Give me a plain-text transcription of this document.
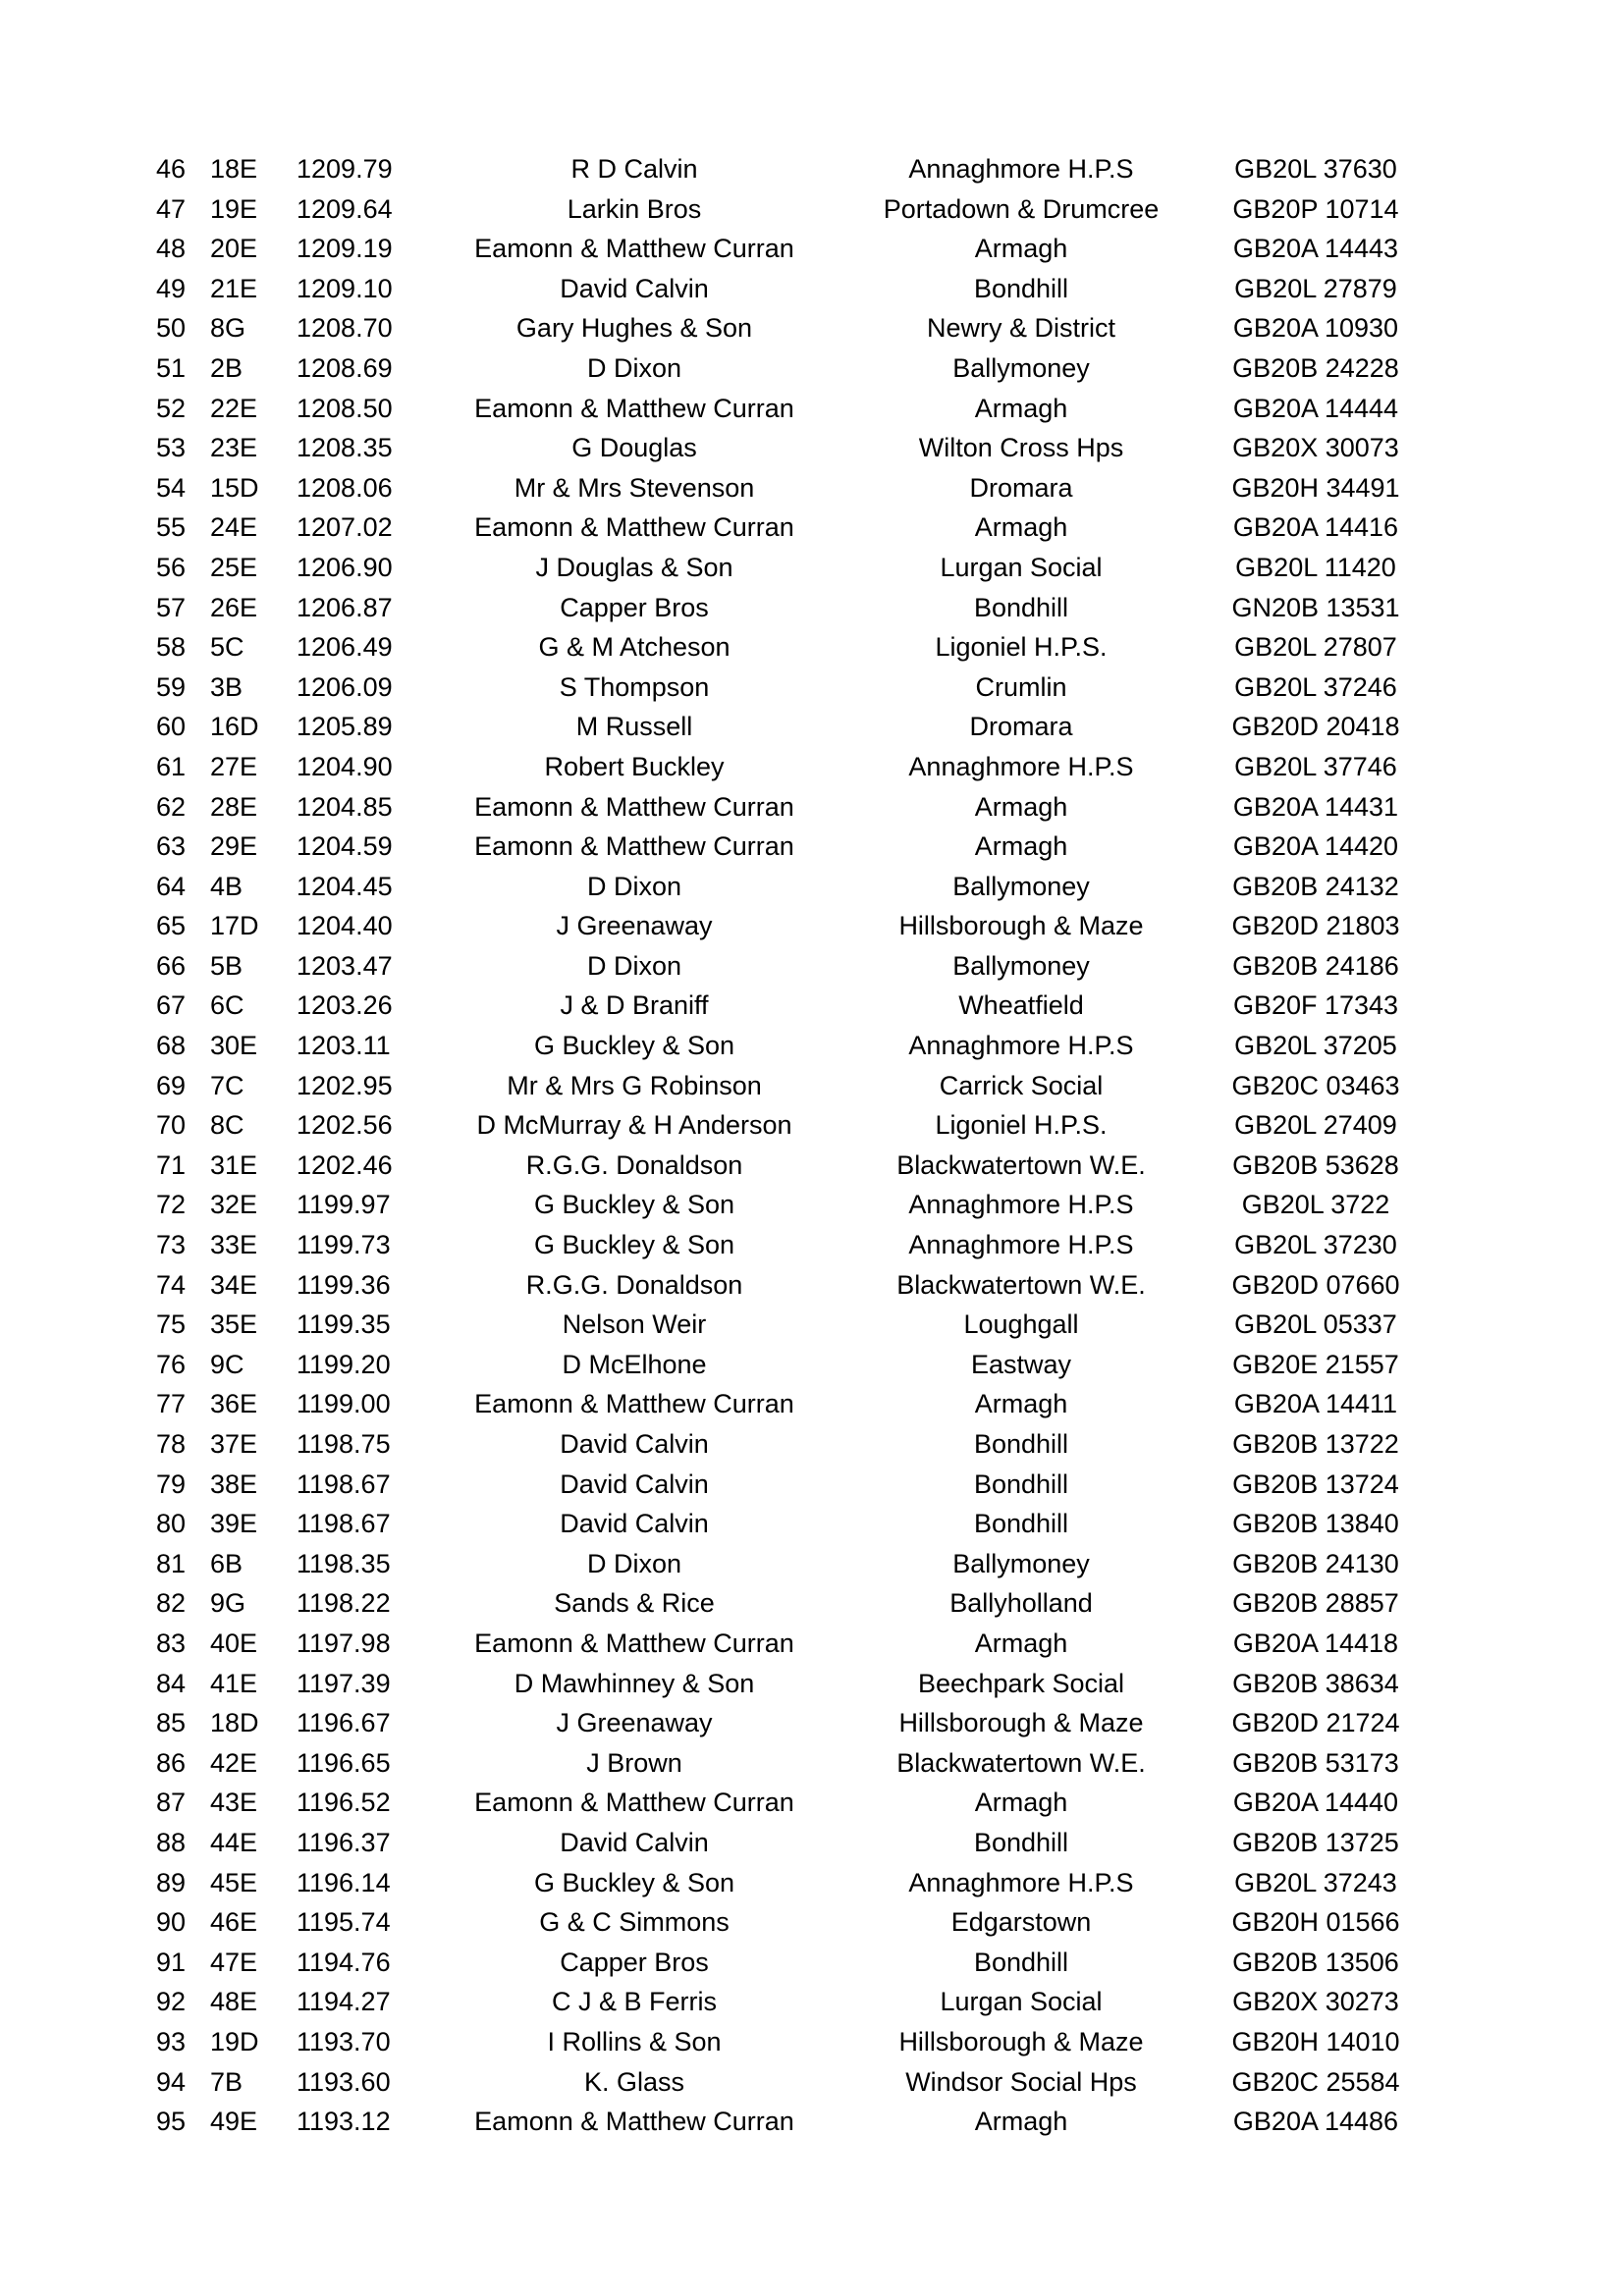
46 18E	1209.79	R D Calvin	Annaghmore H.P.S	GB20L 37630
47 19E	1209.64	Larkin Bros	Portadown & Drumcree	GB20P 10714
48 20E	1209.19	Eamonn & Matthew Curran	Armagh	GB20A 14443
49 21E	1209.10	David Calvin	Bondhill	GB20L 27879
50 8G	1208.70	Gary Hughes & Son	Newry & District	GB20A 10930
51 2B	1208.69	D Dixon	Ballymoney	GB20B 24228
52 22E	1208.50	Eamonn & Matthew Curran	Armagh	GB20A 14444
53 23E	1208.35	G Douglas	Wilton Cross Hps	GB20X 30073
54 15D	1208.06	Mr & Mrs Stevenson	Dromara	GB20H 34491
55 24E	1207.02	Eamonn & Matthew Curran	Armagh	GB20A 14416
56 25E	1206.90	J Douglas & Son	Lurgan Social	GB20L 11420
57 26E	1206.87	Capper Bros	Bondhill	GN20B 13531
58 5C	1206.49	G & M Atcheson	Ligoniel H.P.S.	GB20L 27807
59 3B	1206.09	S Thompson	Crumlin	GB20L 37246
60 16D	1205.89	M Russell	Dromara	GB20D 20418
61 27E	1204.90	Robert Buckley	Annaghmore H.P.S	GB20L 37746
62 28E	1204.85	Eamonn & Matthew Curran	Armagh	GB20A 14431
63 29E	1204.59	Eamonn & Matthew Curran	Armagh	GB20A 14420
64 4B	1204.45	D Dixon	Ballymoney	GB20B 24132
65 17D	1204.40	J Greenaway	Hillsborough & Maze	GB20D 21803
66 5B	1203.47	D Dixon	Ballymoney	GB20B 24186
67 6C	1203.26	J & D Braniff	Wheatfield	GB20F 17343
68 30E	1203.11	G Buckley & Son	Annaghmore H.P.S	GB20L 37205
69 7C	1202.95	Mr & Mrs G Robinson	Carrick Social	GB20C 03463
70 8C	1202.56	D McMurray & H Anderson	Ligoniel H.P.S.	GB20L 27409
71 31E	1202.46	R.G.G. Donaldson	Blackwatertown W.E.	GB20B 53628
72 32E	1199.97	G Buckley & Son	Annaghmore H.P.S	GB20L 3722
73 33E	1199.73	G Buckley & Son	Annaghmore H.P.S	GB20L 37230
74 34E	1199.36	R.G.G. Donaldson	Blackwatertown W.E.	GB20D 07660
75 35E	1199.35	Nelson Weir	Loughgall	GB20L 05337
76 9C	1199.20	D McElhone	Eastway	GB20E 21557
77 36E	1199.00	Eamonn & Matthew Curran	Armagh	GB20A 14411
78 37E	1198.75	David Calvin	Bondhill	GB20B 13722
79 38E	1198.67	David Calvin	Bondhill	GB20B 13724
80 39E	1198.67	David Calvin	Bondhill	GB20B 13840
81 6B	1198.35	D Dixon	Ballymoney	GB20B 24130
82 9G	1198.22	Sands & Rice	Ballyholland	GB20B 28857
83 40E	1197.98	Eamonn & Matthew Curran	Armagh	GB20A 14418
84 41E	1197.39	D Mawhinney & Son	Beechpark Social	GB20B 38634
85 18D	1196.67	J Greenaway	Hillsborough & Maze	GB20D 21724
86 42E	1196.65	J Brown	Blackwatertown W.E.	GB20B 53173
87 43E	1196.52	Eamonn & Matthew Curran	Armagh	GB20A 14440
88 44E	1196.37	David Calvin	Bondhill	GB20B 13725
89 45E	1196.14	G Buckley & Son	Annaghmore H.P.S	GB20L 37243
90 46E	1195.74	G & C Simmons	Edgarstown	GB20H 01566
91 47E	1194.76	Capper Bros	Bondhill	GB20B 13506
92 48E	1194.27	C J & B Ferris	Lurgan Social	GB20X 30273
93 19D	1193.70	I Rollins & Son	Hillsborough & Maze	GB20H 14010
94 7B	1193.60	K. Glass	Windsor Social Hps	GB20C 25584
95 49E	1193.12	Eamonn & Matthew Curran	Armagh	GB20A 14486
